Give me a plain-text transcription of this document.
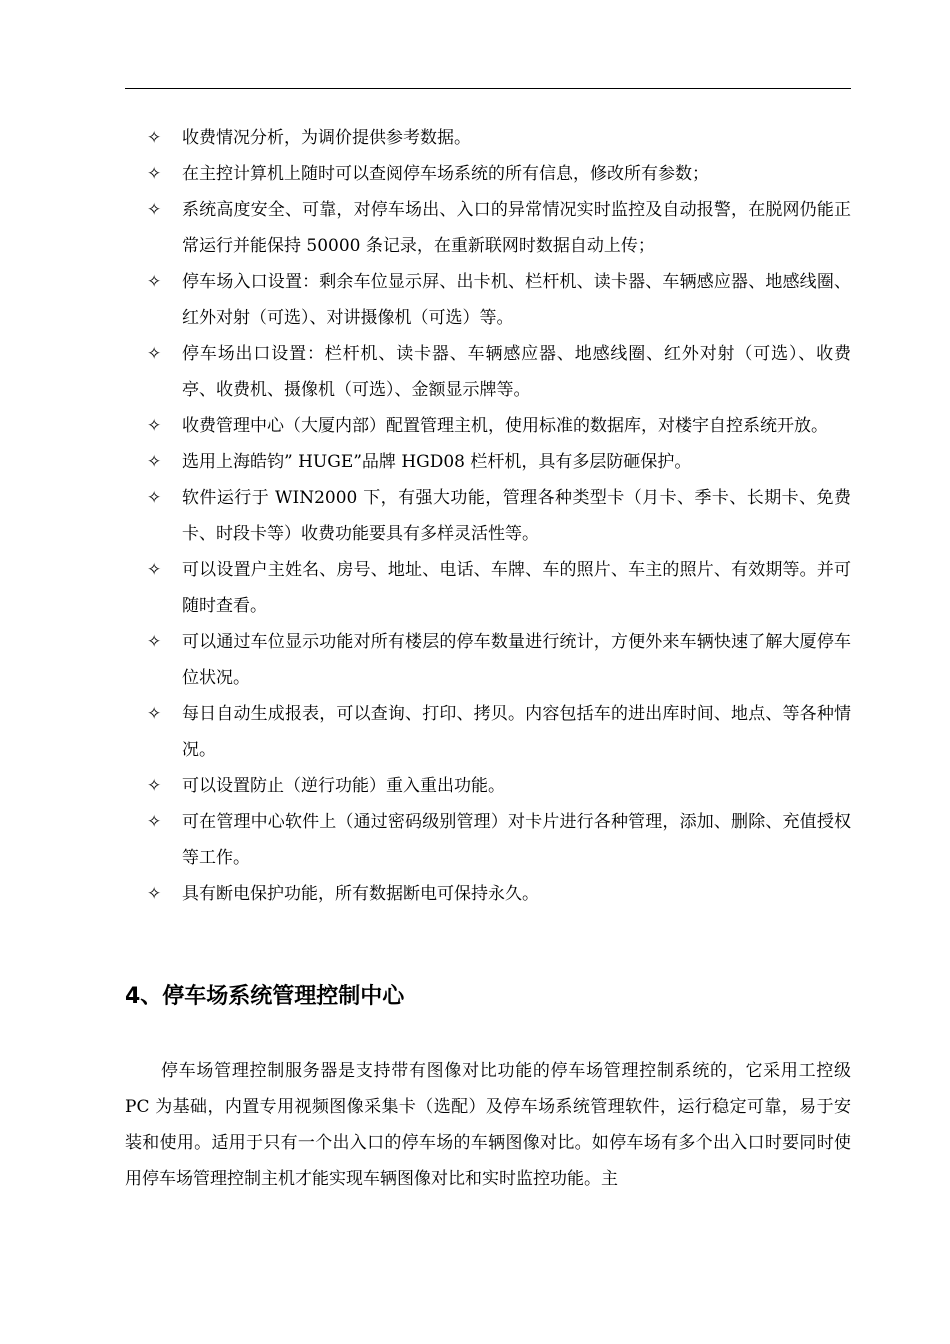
✧ 收费情况分析，为调价提供参考数据。
✧ 在主控计算机上随时可以查阅停车场系统的所有信息，修改所有参数；
✧ 系统高度安全、可靠，对停车场出、入口的异常情况实时监控及自动报警，在脱网仍能正常运行并能保持 50000 条记录，在重新联网时数据自动上传；
✧ 停车场入口设置：剩余车位显示屏、出卡机、栏杆机、读卡器、车辆感应器、地感线圈、红外对射（可选）、对讲摄像机（可选）等。
✧ 停车场出口设置：栏杆机、读卡器、车辆感应器、地感线圈、红外对射（可选）、收费亭、收费机、摄像机（可选）、金额显示牌等。
✧ 收费管理中心（大厦内部）配置管理主机，使用标准的数据库，对楼宇自控系统开放。
✧ 选用上海皓钧” HUGE”品牌 HGD08 栏杆机，具有多层防砸保护。
✧ 软件运行于 WIN2000 下，有强大功能，管理各种类型卡（月卡、季卡、长期卡、免费卡、时段卡等）收费功能要具有多样灵活性等。
✧ 可以设置户主姓名、房号、地址、电话、车牌、车的照片、车主的照片、有效期等。并可随时查看。
✧ 可以通过车位显示功能对所有楼层的停车数量进行统计，方便外来车辆快速了解大厦停车位状况。
✧ 每日自动生成报表，可以查询、打印、拷贝。内容包括车的进出库时间、地点、等各种情况。
✧ 可以设置防止（逆行功能）重入重出功能。
✧ 可在管理中心软件上（通过密码级别管理）对卡片进行各种管理，添加、删除、充值授权等工作。
✧ 具有断电保护功能，所有数据断电可保持永久。
4、停车场系统管理控制中心

停车场管理控制服务器是支持带有图像对比功能的停车场管理控制系统的，它采用工控级 PC 为基础，内置专用视频图像采集卡（选配）及停车场系统管理软件，运行稳定可靠，易于安装和使用。适用于只有一个出入口的停车场的车辆图像对比。如停车场有多个出入口时要同时使用停车场管理控制主机才能实现车辆图像对比和实时监控功能。主
